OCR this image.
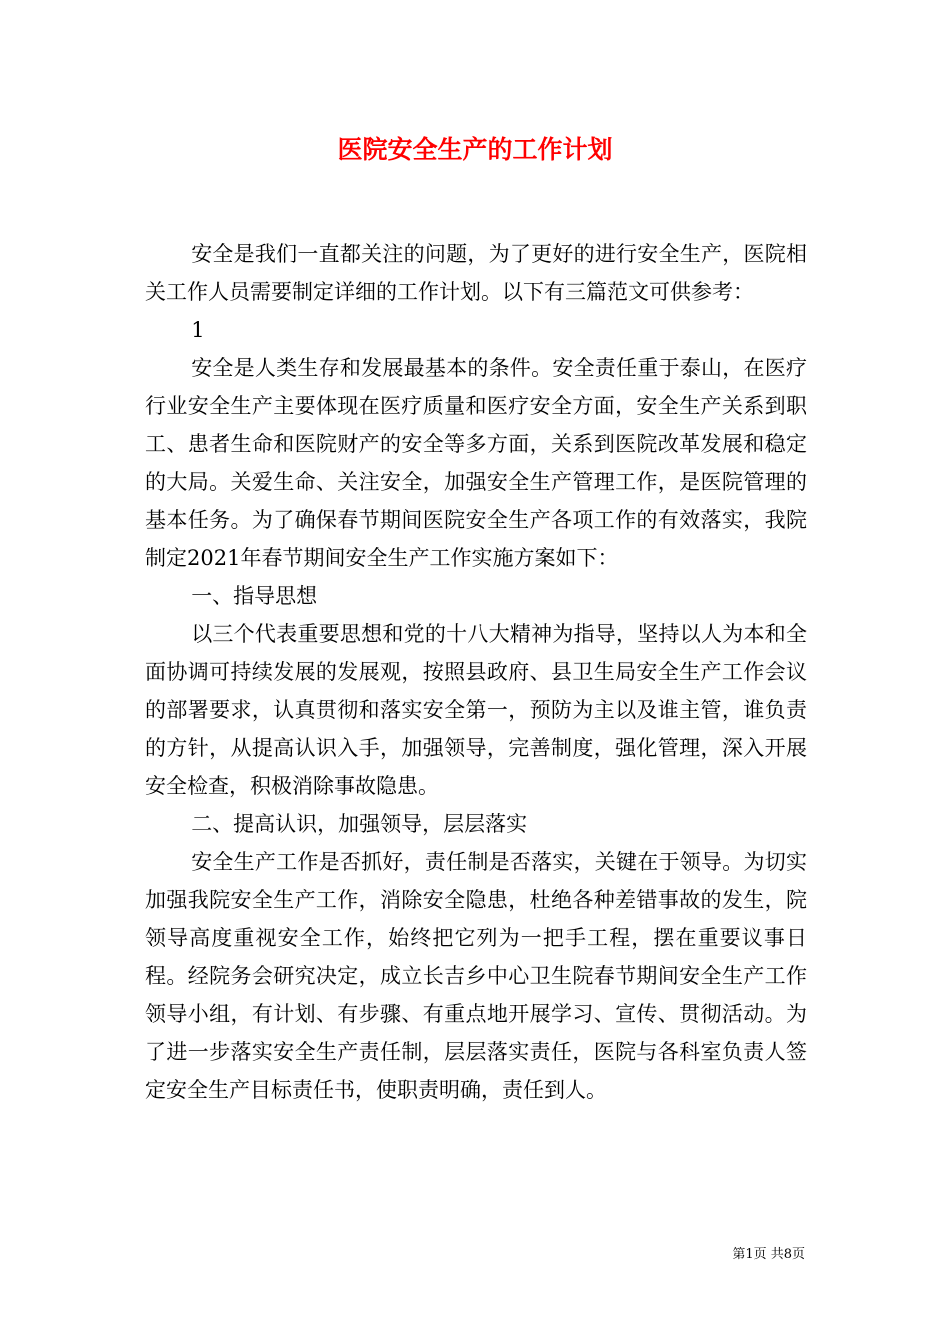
医院安全生产的工作计划

安全是我们一直都关注的问题，为了更好的进行安全生产，医院相关工作人员需要制定详细的工作计划。以下有三篇范文可供参考：

1

安全是人类生存和发展最基本的条件。安全责任重于泰山，在医疗行业安全生产主要体现在医疗质量和医疗安全方面，安全生产关系到职工、患者生命和医院财产的安全等多方面，关系到医院改革发展和稳定的大局。关爱生命、关注安全，加强安全生产管理工作，是医院管理的基本任务。为了确保春节期间医院安全生产各项工作的有效落实，我院制定2021年春节期间安全生产工作实施方案如下：

一、指导思想

以三个代表重要思想和党的十八大精神为指导，坚持以人为本和全面协调可持续发展的发展观，按照县政府、县卫生局安全生产工作会议的部署要求，认真贯彻和落实安全第一，预防为主以及谁主管，谁负责的方针，从提高认识入手，加强领导，完善制度，强化管理，深入开展安全检查，积极消除事故隐患。

二、提高认识，加强领导，层层落实

安全生产工作是否抓好，责任制是否落实，关键在于领导。为切实加强我院安全生产工作，消除安全隐患，杜绝各种差错事故的发生，院领导高度重视安全工作，始终把它列为一把手工程，摆在重要议事日程。经院务会研究决定，成立长吉乡中心卫生院春节期间安全生产工作领导小组，有计划、有步骤、有重点地开展学习、宣传、贯彻活动。为了进一步落实安全生产责任制，层层落实责任，医院与各科室负责人签定安全生产目标责任书，使职责明确，责任到人。

第1页 共8页
